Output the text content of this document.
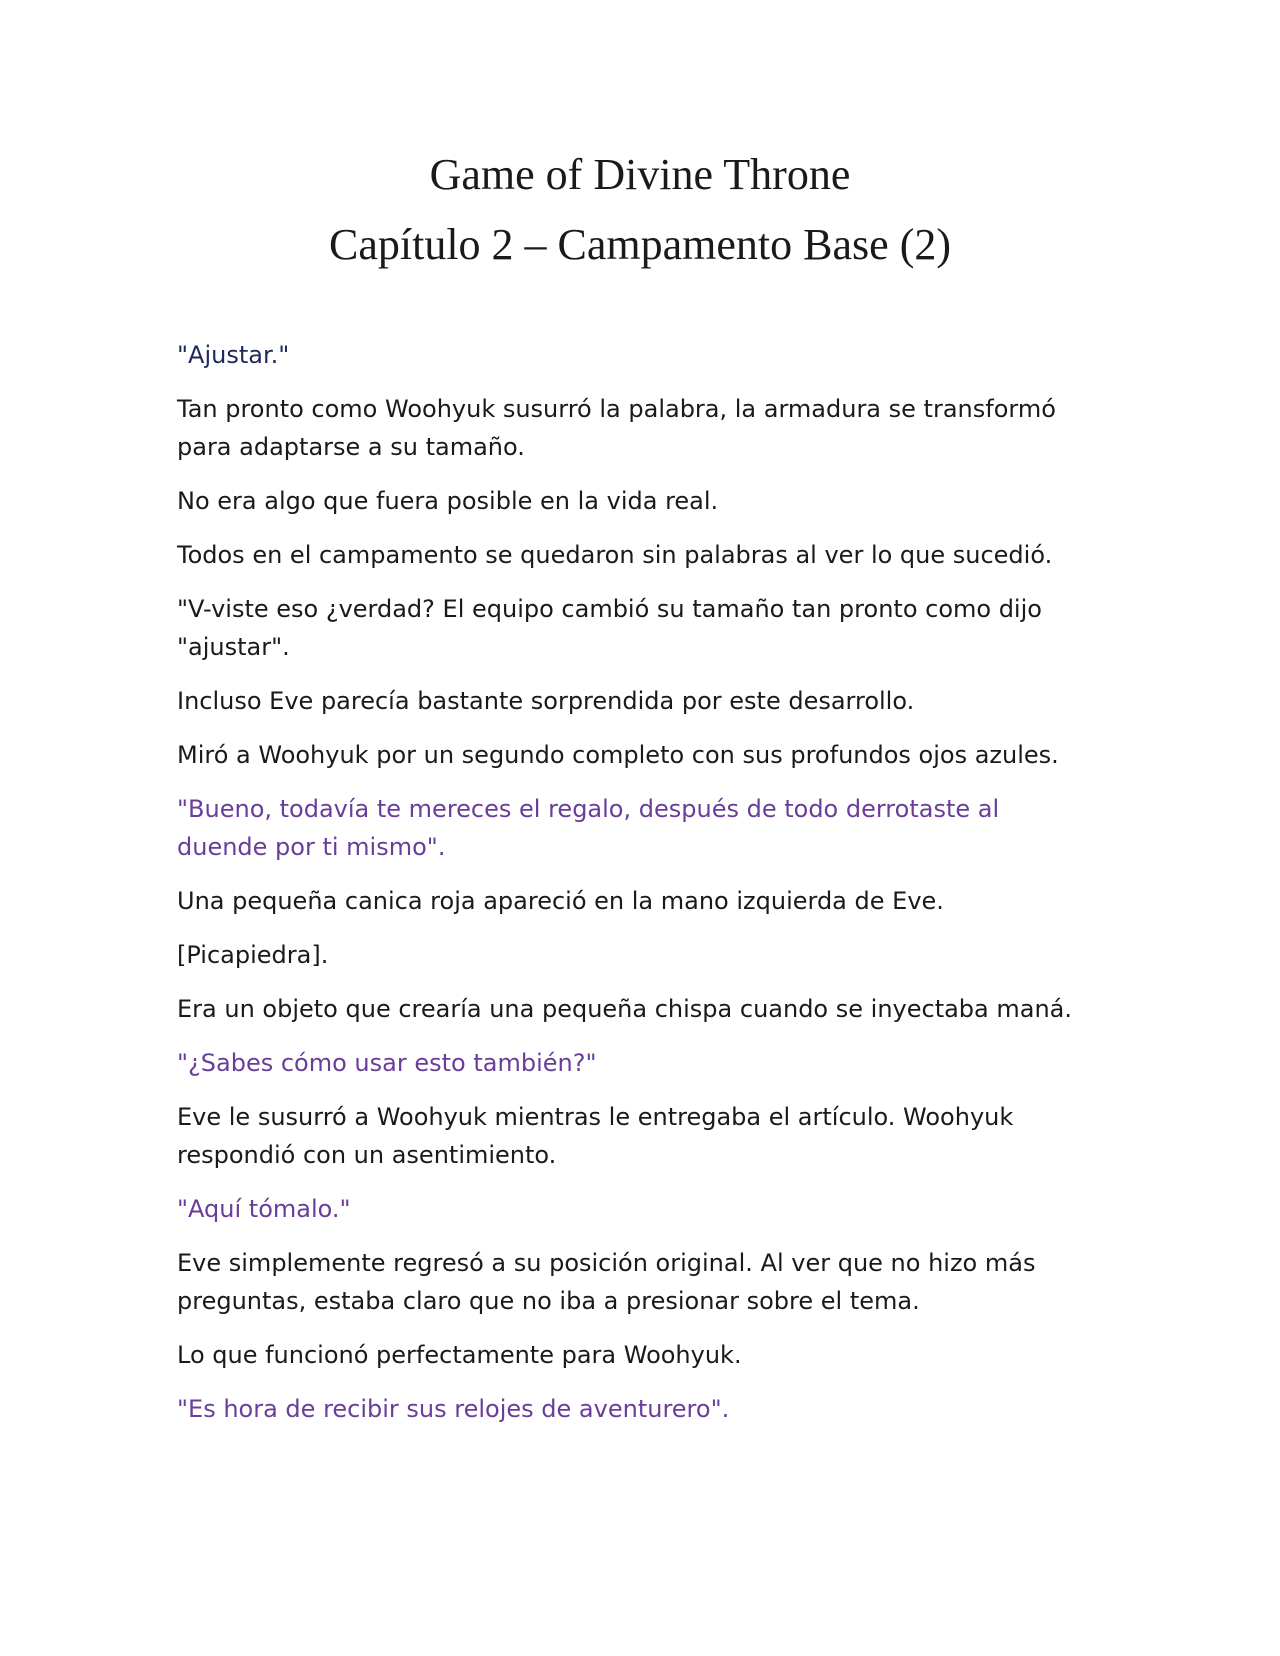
Game of Divine Throne
Capítulo 2 – Campamento Base (2)

"Ajustar."

Tan pronto como Woohyuk susurró la palabra, la armadura se transformó para adaptarse a su tamaño.

No era algo que fuera posible en la vida real.

Todos en el campamento se quedaron sin palabras al ver lo que sucedió.

"V-viste eso ¿verdad? El equipo cambió su tamaño tan pronto como dijo "ajustar".

Incluso Eve parecía bastante sorprendida por este desarrollo.

Miró a Woohyuk por un segundo completo con sus profundos ojos azules.

"Bueno, todavía te mereces el regalo, después de todo derrotaste al duende por ti mismo".

Una pequeña canica roja apareció en la mano izquierda de Eve.

[Picapiedra].

Era un objeto que crearía una pequeña chispa cuando se inyectaba maná.

"¿Sabes cómo usar esto también?"

Eve le susurró a Woohyuk mientras le entregaba el artículo. Woohyuk respondió con un asentimiento.

"Aquí tómalo."

Eve simplemente regresó a su posición original. Al ver que no hizo más preguntas, estaba claro que no iba a presionar sobre el tema.

Lo que funcionó perfectamente para Woohyuk.

"Es hora de recibir sus relojes de aventurero".
